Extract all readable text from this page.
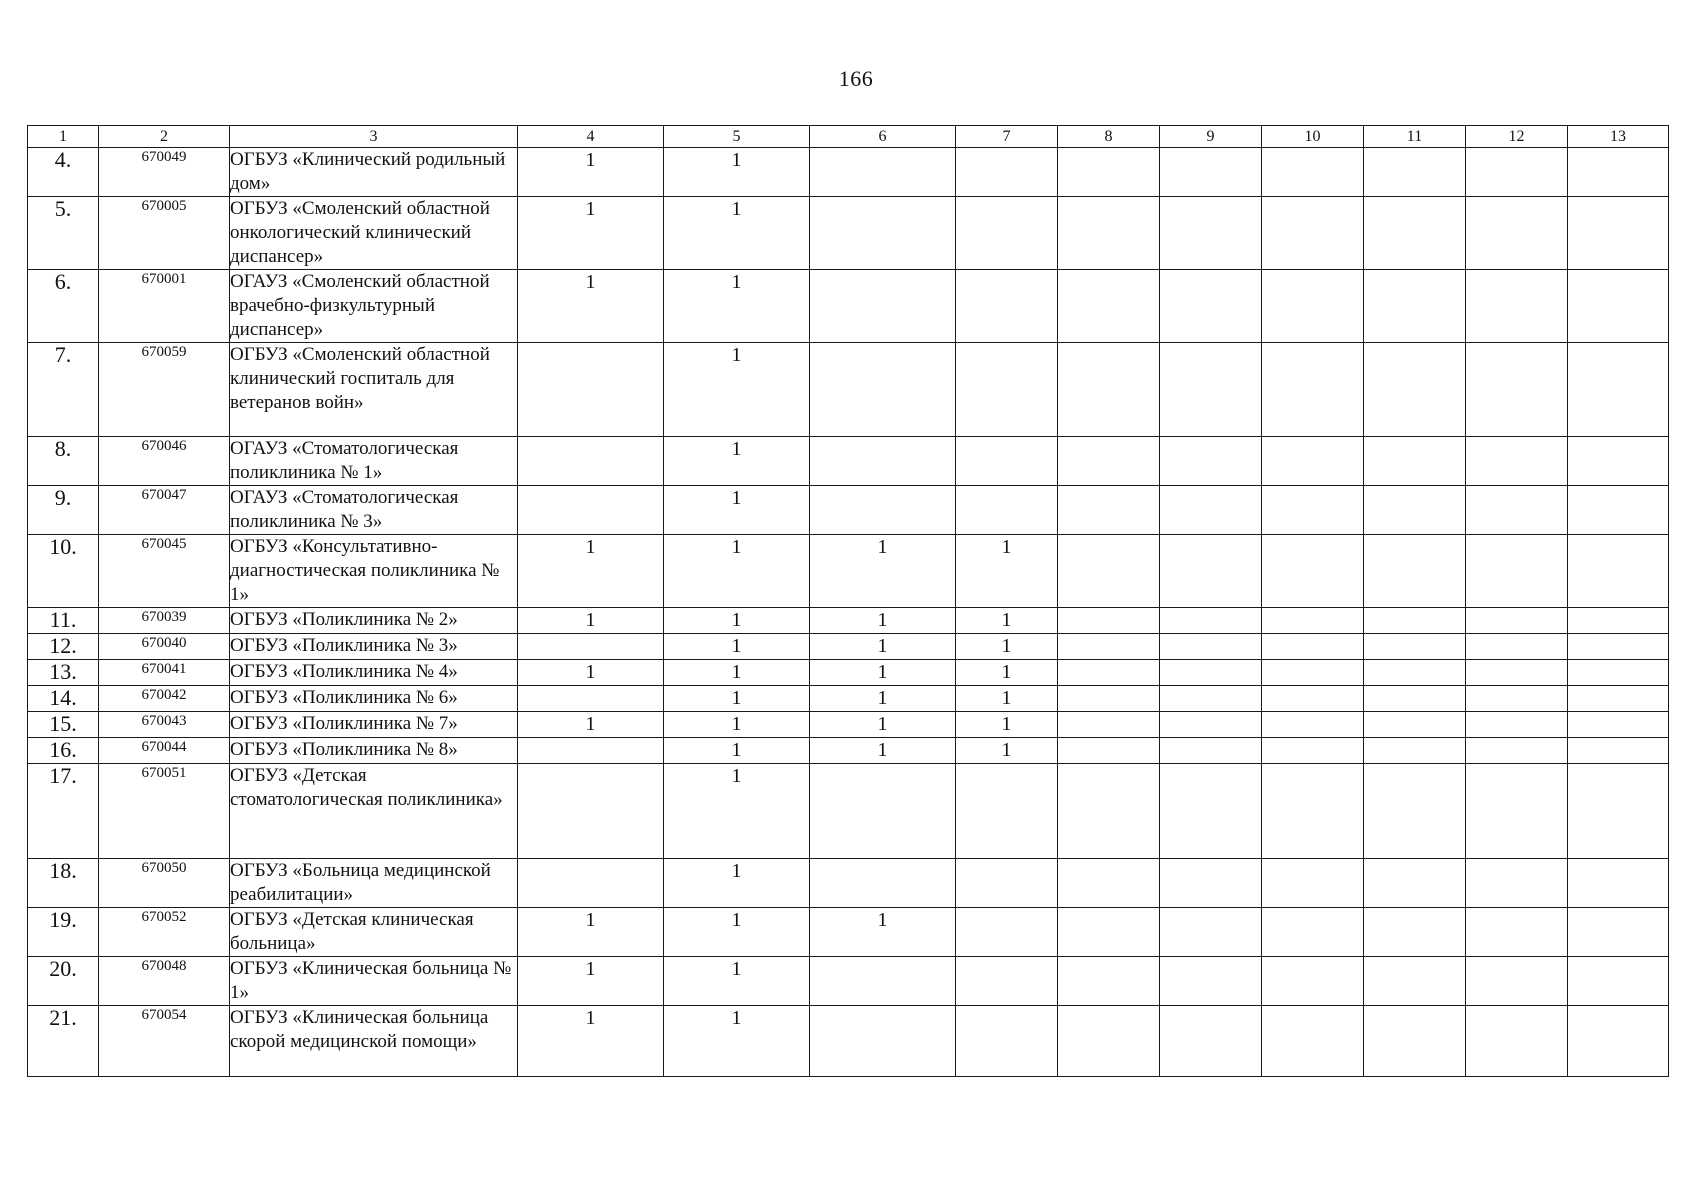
166
1	2	3	4	5	6	7	8	9	10	11	12	13
4.	670049	ОГБУЗ «Клинический родильный дом»	1	1								
5.	670005	ОГБУЗ «Смоленский областной онкологический клинический диспансер»	1	1								
6.	670001	ОГАУЗ «Смоленский областной врачебно-физкультурный диспансер»	1	1								
7.	670059	ОГБУЗ «Смоленский областной клинический госпиталь для ветеранов войн»		1								
8.	670046	ОГАУЗ «Стоматологическая поликлиника № 1»		1								
9.	670047	ОГАУЗ «Стоматологическая поликлиника № 3»		1								
10.	670045	ОГБУЗ «Консультативно-диагностическая поликлиника № 1»	1	1	1	1						
11.	670039	ОГБУЗ «Поликлиника № 2»	1	1	1	1						
12.	670040	ОГБУЗ «Поликлиника № 3»		1	1	1						
13.	670041	ОГБУЗ «Поликлиника № 4»	1	1	1	1						
14.	670042	ОГБУЗ «Поликлиника № 6»		1	1	1						
15.	670043	ОГБУЗ «Поликлиника № 7»	1	1	1	1						
16.	670044	ОГБУЗ «Поликлиника № 8»		1	1	1						
17.	670051	ОГБУЗ «Детская стоматологическая поликлиника»		1								
18.	670050	ОГБУЗ «Больница медицинской реабилитации»		1								
19.	670052	ОГБУЗ «Детская клиническая больница»	1	1	1							
20.	670048	ОГБУЗ «Клиническая больница № 1»	1	1								
21.	670054	ОГБУЗ «Клиническая больница скорой медицинской помощи»	1	1								
